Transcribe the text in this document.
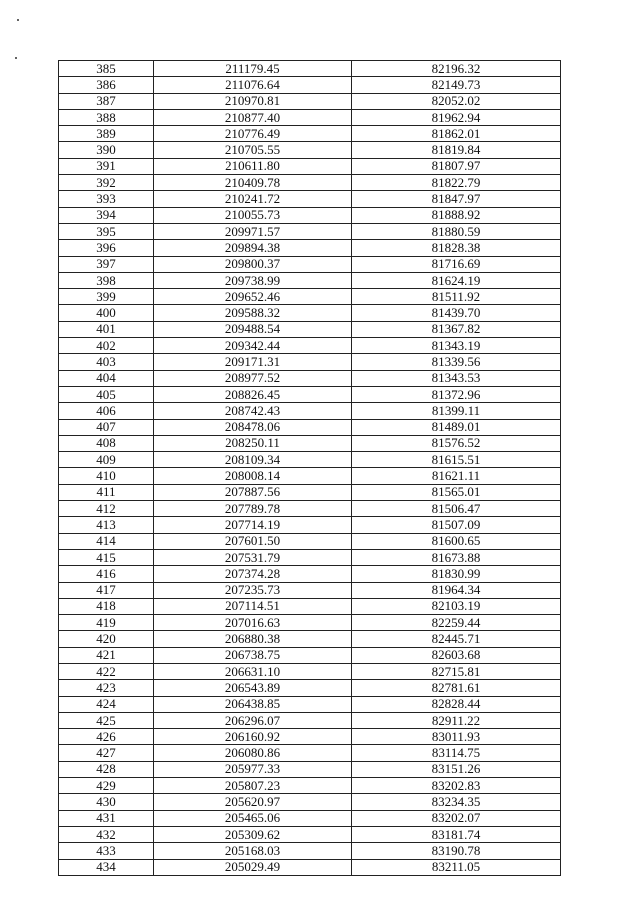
385	211179.45	82196.32
386	211076.64	82149.73
387	210970.81	82052.02
388	210877.40	81962.94
389	210776.49	81862.01
390	210705.55	81819.84
391	210611.80	81807.97
392	210409.78	81822.79
393	210241.72	81847.97
394	210055.73	81888.92
395	209971.57	81880.59
396	209894.38	81828.38
397	209800.37	81716.69
398	209738.99	81624.19
399	209652.46	81511.92
400	209588.32	81439.70
401	209488.54	81367.82
402	209342.44	81343.19
403	209171.31	81339.56
404	208977.52	81343.53
405	208826.45	81372.96
406	208742.43	81399.11
407	208478.06	81489.01
408	208250.11	81576.52
409	208109.34	81615.51
410	208008.14	81621.11
411	207887.56	81565.01
412	207789.78	81506.47
413	207714.19	81507.09
414	207601.50	81600.65
415	207531.79	81673.88
416	207374.28	81830.99
417	207235.73	81964.34
418	207114.51	82103.19
419	207016.63	82259.44
420	206880.38	82445.71
421	206738.75	82603.68
422	206631.10	82715.81
423	206543.89	82781.61
424	206438.85	82828.44
425	206296.07	82911.22
426	206160.92	83011.93
427	206080.86	83114.75
428	205977.33	83151.26
429	205807.23	83202.83
430	205620.97	83234.35
431	205465.06	83202.07
432	205309.62	83181.74
433	205168.03	83190.78
434	205029.49	83211.05
